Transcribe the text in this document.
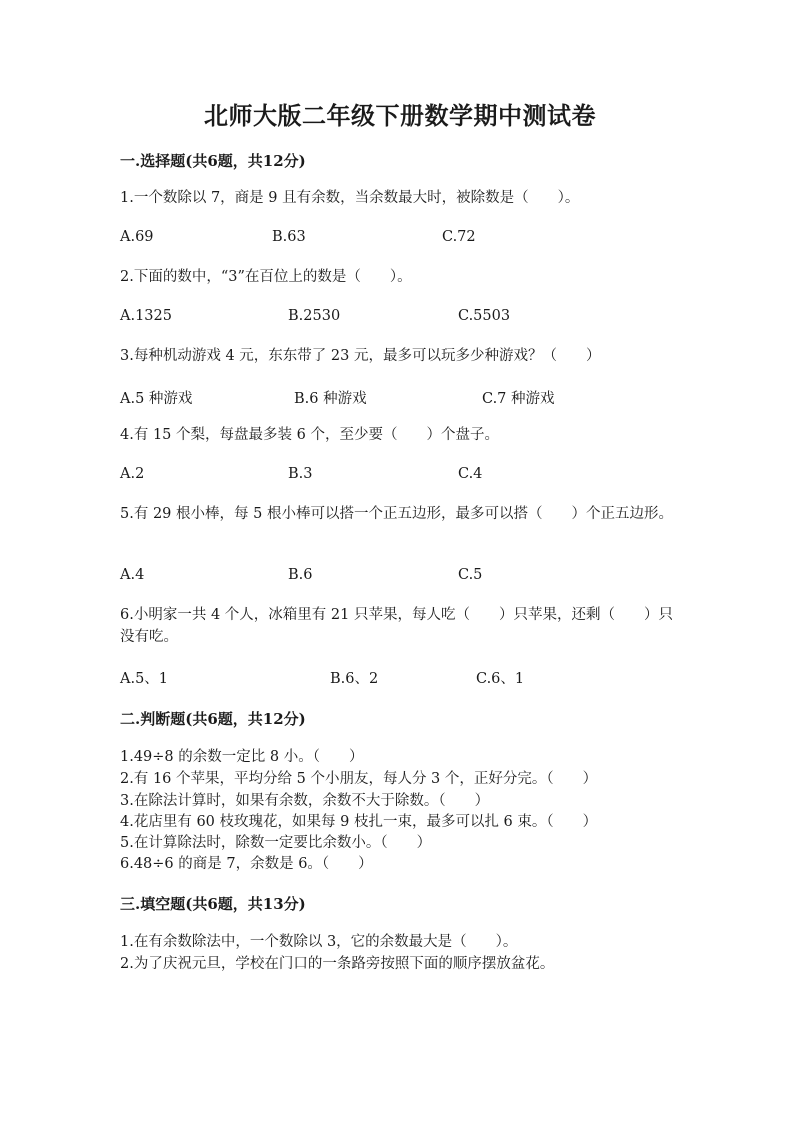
北师大版二年级下册数学期中测试卷
一.选择题(共6题，共12分)
1.一个数除以 7，商是 9 且有余数，当余数最大时，被除数是（　　）。
A.69	B.63	C.72
2.下面的数中，“3”在百位上的数是（　　）。
A.1325	B.2530	C.5503
3.每种机动游戏 4 元，东东带了 23 元，最多可以玩多少种游戏？（　　）
A.5 种游戏	B.6 种游戏	C.7 种游戏
4.有 15 个梨，每盘最多装 6 个，至少要（　　）个盘子。
A.2	B.3	C.4
5.有 29 根小棒，每 5 根小棒可以搭一个正五边形，最多可以搭（　　）个正五边形。
A.4	B.6	C.5
6.小明家一共 4 个人，冰箱里有 21 只苹果，每人吃（　　）只苹果，还剩（　　）只没有吃。
A.5、1	B.6、2	C.6、1
二.判断题(共6题，共12分)
1.49÷8 的余数一定比 8 小。（　　）
2.有 16 个苹果，平均分给 5 个小朋友，每人分 3 个，正好分完。（　　）
3.在除法计算时，如果有余数，余数不大于除数。（　　）
4.花店里有 60 枝玫瑰花，如果每 9 枝扎一束，最多可以扎 6 束。（　　）
5.在计算除法时，除数一定要比余数小。（　　）
6.48÷6 的商是 7，余数是 6。（　　）
三.填空题(共6题，共13分)
1.在有余数除法中，一个数除以 3，它的余数最大是（　　）。
2.为了庆祝元旦，学校在门口的一条路旁按照下面的顺序摆放盆花。
